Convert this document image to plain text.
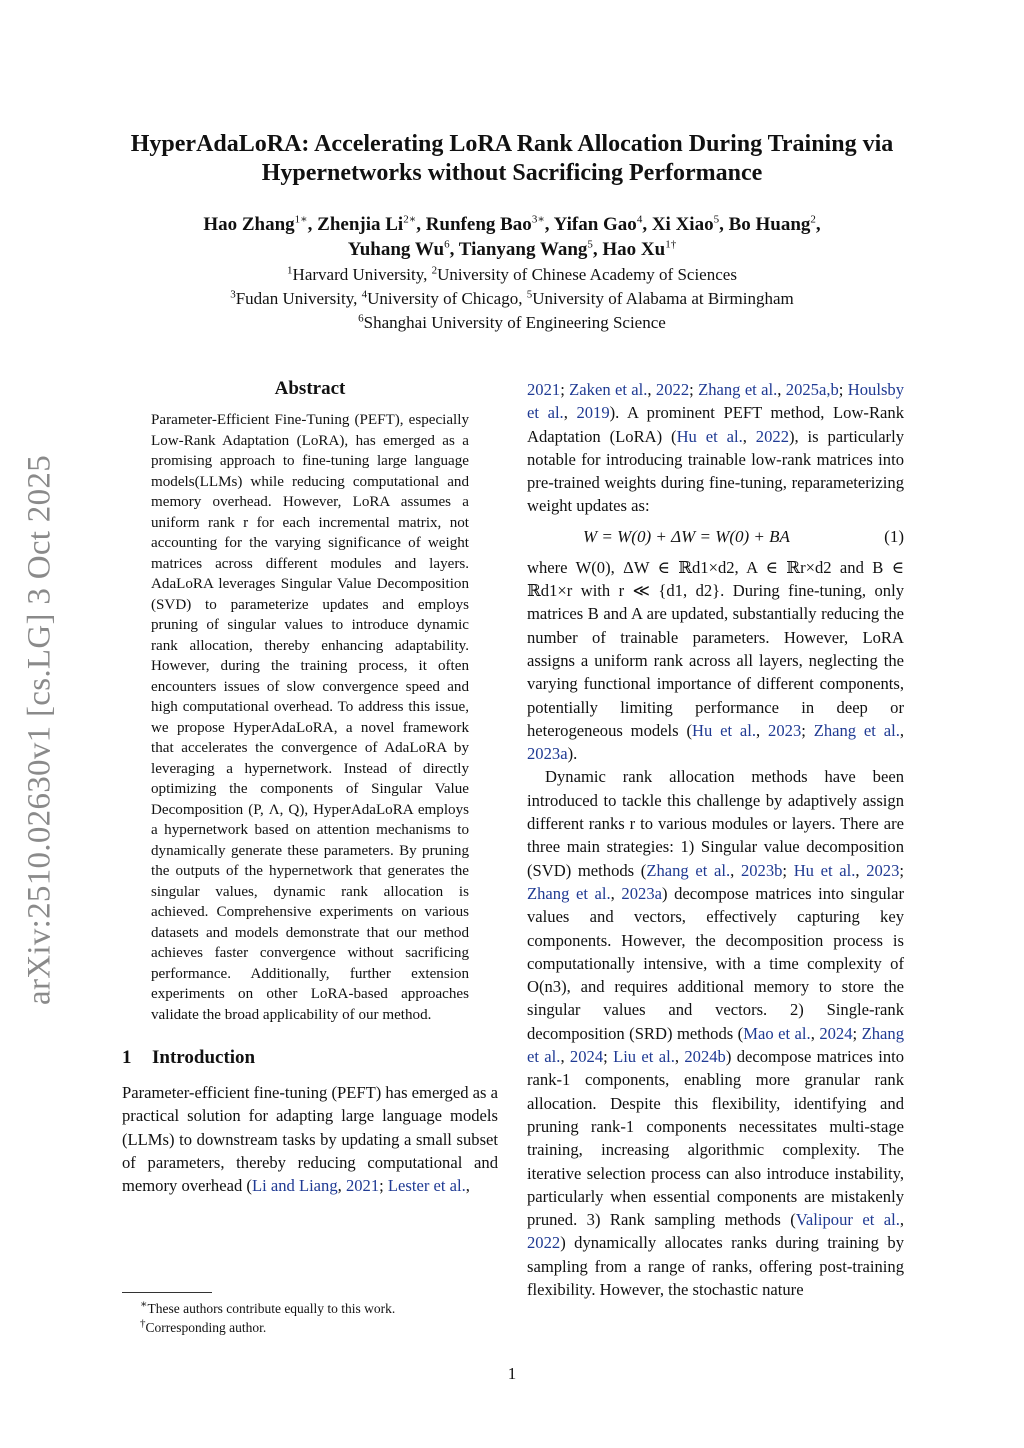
arXiv:2510.02630v1 [cs.LG] 3 Oct 2025
HyperAdaLoRA: Accelerating LoRA Rank Allocation During Training via
Hypernetworks without Sacrificing Performance
Hao Zhang$^{1∗}$, Zhenjia $Li^{2∗}$, Runfeng Bao$^{3∗}$, Yifan Gao$^4$, Xi Xiao$^5$, Bo Huang$^2$,
Yuhang Wu$^6$, Tianyang Wang$^5$, Hao $Xu^{1\dagger}$
$^1$Harvard University, $^2$University of Chinese Academy of Sciences
$^3$Fudan University, $^4$University of Chicago, $^5$University of Alabama at Birmingham
$^6$Shanghai University of Engineering Science
Abstract

Parameter-Efficient Fine-Tuning (PEFT), especially Low-Rank Adaptation (LoRA), has emerged as a promising approach to fine-tuning large language models(LLMs) while reducing computational and memory overhead. However, LoRA assumes a uniform rank r for each incremental matrix, not accounting for the varying significance of weight matrices across different modules and layers. AdaLoRA leverages Singular Value Decomposition (SVD) to parameterize updates and employs pruning of singular values to introduce dynamic rank allocation, thereby enhancing adaptability. However, during the training process, it often encounters issues of slow convergence speed and high computational overhead. To address this issue, we propose HyperAdaLoRA, a novel framework that accelerates the convergence of AdaLoRA by leveraging a hypernetwork. Instead of directly optimizing the components of Singular Value Decomposition (P, Λ, Q), HyperAdaLoRA employs a hypernetwork based on attention mechanisms to dynamically generate these parameters. By pruning the outputs of the hypernetwork that generates the singular values, dynamic rank allocation is achieved. Comprehensive experiments on various datasets and models demonstrate that our method achieves faster convergence without sacrificing performance. Additionally, further extension experiments on other LoRA-based approaches validate the broad applicability of our method.

1 Introduction

Parameter-efficient fine-tuning (PEFT) has emerged as a practical solution for adapting large language models (LLMs) to downstream tasks by updating a small subset of parameters, thereby reducing computational and memory overhead (Li and Liang, 2021; Lester et al.,

2021; Zaken et al., 2022; Zhang et al., 2025a,b; Houlsby et al., 2019). A prominent PEFT method, Low-Rank Adaptation (LoRA) (Hu et al., 2022), is particularly notable for introducing trainable low-rank matrices into pre-trained weights during fine-tuning, reparameterizing weight updates as:

W = W(0) + ΔW = W(0) + BA	(1)

where W(0), ΔW ∈ ℝd1×d2, A ∈ ℝr×d2 and B ∈ ℝd1×r with r ≪ {d1, d2}. During fine-tuning, only matrices B and A are updated, substantially reducing the number of trainable parameters. However, LoRA assigns a uniform rank across all layers, neglecting the varying functional importance of different components, potentially limiting performance in deep or heterogeneous models (Hu et al., 2023; Zhang et al., 2023a).

Dynamic rank allocation methods have been introduced to tackle this challenge by adaptively assign different ranks r to various modules or layers. There are three main strategies: 1) Singular value decomposition (SVD) methods (Zhang et al., 2023b; Hu et al., 2023; Zhang et al., 2023a) decompose matrices into singular values and vectors, effectively capturing key components. However, the decomposition process is computationally intensive, with a time complexity of O(n3), and requires additional memory to store the singular values and vectors. 2) Single-rank decomposition (SRD) methods (Mao et al., 2024; Zhang et al., 2024; Liu et al., 2024b) decompose matrices into rank-1 components, enabling more granular rank allocation. Despite this flexibility, identifying and pruning rank-1 components necessitates multi-stage training, increasing algorithmic complexity. The iterative selection process can also introduce instability, particularly when essential components are mistakenly pruned. 3) Rank sampling methods (Valipour et al., 2022) dynamically allocates ranks during training by sampling from a range of ranks, offering post-training flexibility. However, the stochastic nature

∗These authors contribute equally to this work.

†Corresponding author.

1
